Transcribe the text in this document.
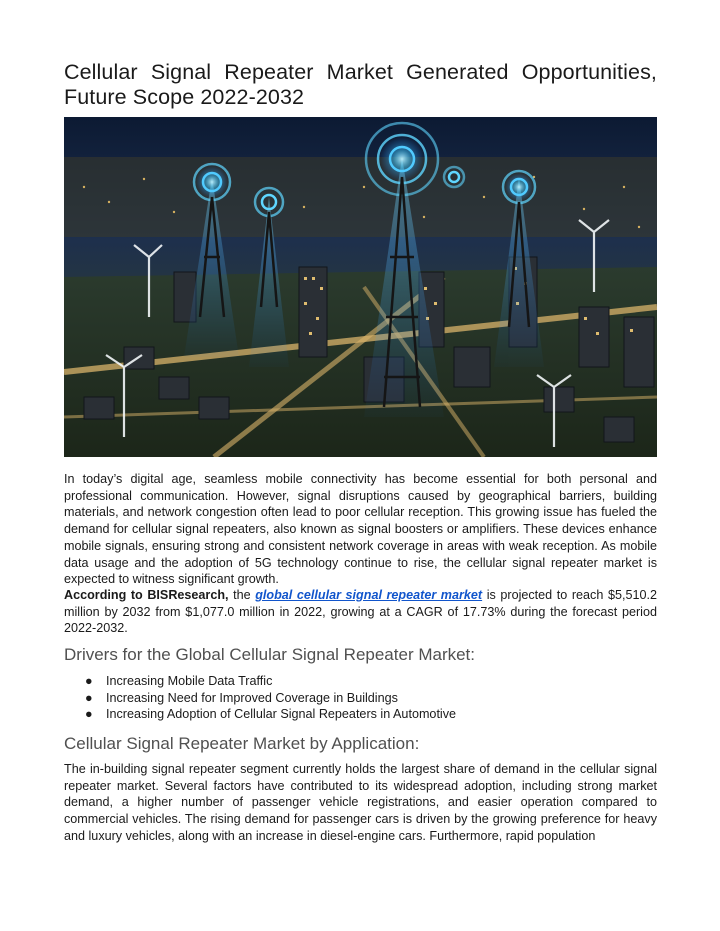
Cellular Signal Repeater Market Generated Opportunities, Future Scope 2022-2032

In today’s digital age, seamless mobile connectivity has become essential for both personal and professional communication. However, signal disruptions caused by geographical barriers, building materials, and network congestion often lead to poor cellular reception. This growing issue has fueled the demand for cellular signal repeaters, also known as signal boosters or amplifiers. These devices enhance mobile signals, ensuring strong and consistent network coverage in areas with weak reception. As mobile data usage and the adoption of 5G technology continue to rise, the cellular signal repeater market is expected to witness significant growth.

According to BISResearch, the global cellular signal repeater market is projected to reach $5,510.2 million by 2032 from $1,077.0 million in 2022, growing at a CAGR of 17.73% during the forecast period 2022-2032.

Drivers for the Global Cellular Signal Repeater Market:
● Increasing Mobile Data Traffic
● Increasing Need for Improved Coverage in Buildings
● Increasing Adoption of Cellular Signal Repeaters in Automotive
Cellular Signal Repeater Market by Application:

The in-building signal repeater segment currently holds the largest share of demand in the cellular signal repeater market. Several factors have contributed to its widespread adoption, including strong market demand, a higher number of passenger vehicle registrations, and easier operation compared to commercial vehicles. The rising demand for passenger cars is driven by the growing preference for heavy and luxury vehicles, along with an increase in diesel-engine cars. Furthermore, rapid population
